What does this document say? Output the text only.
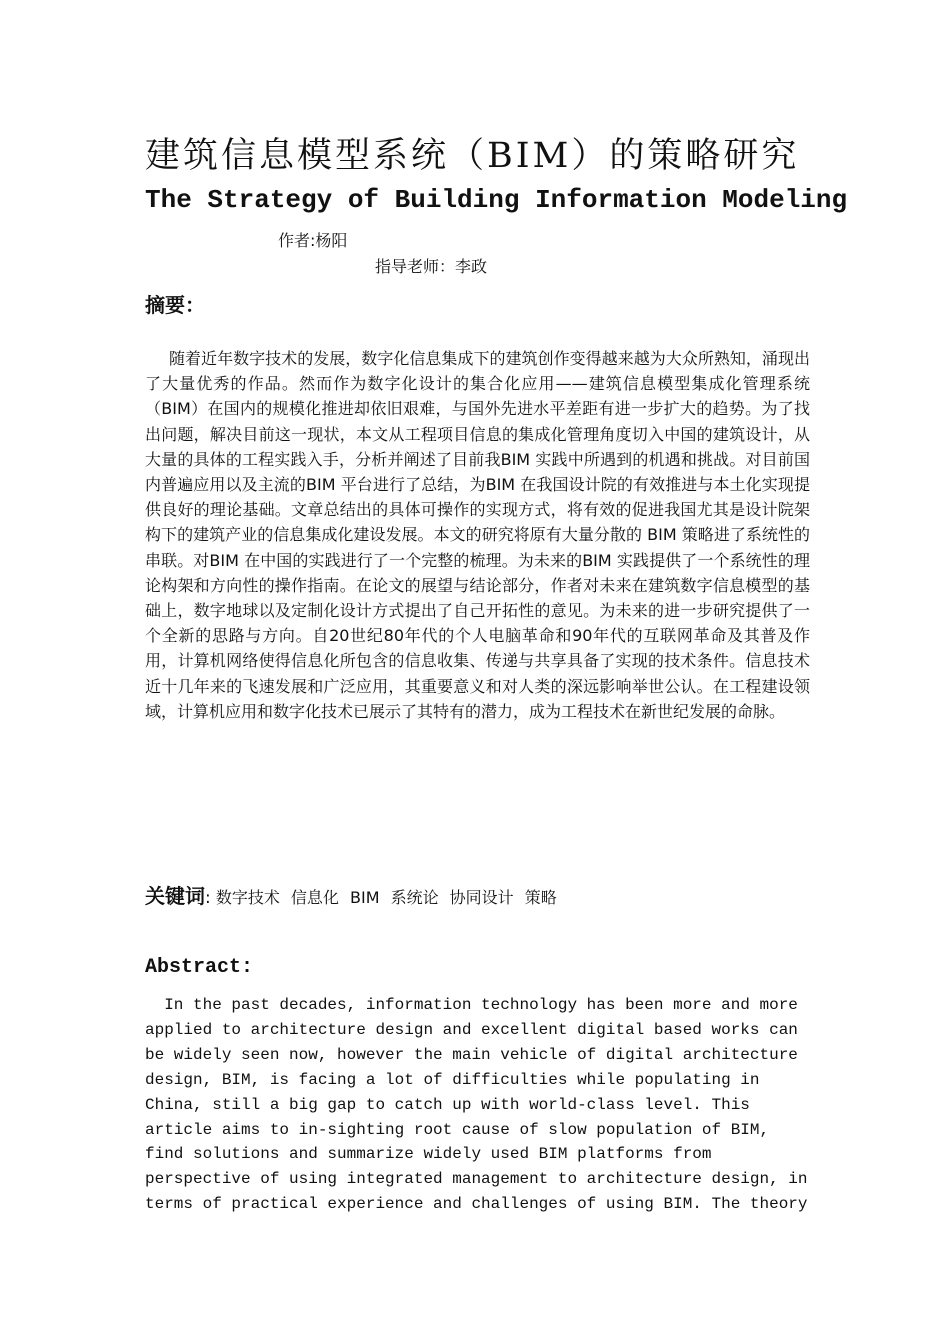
建筑信息模型系统（BIM）的策略研究
The Strategy of Building Information Modeling
作者:杨阳
指导老师：李政
摘要：

随着近年数字技术的发展，数字化信息集成下的建筑创作变得越来越为大众所熟知，涌现出了大量优秀的作品。然而作为数字化设计的集合化应用——建筑信息模型集成化管理系统（BIM）在国内的规模化推进却依旧艰难，与国外先进水平差距有进一步扩大的趋势。为了找出问题，解决目前这一现状，本文从工程项目信息的集成化管理角度切入中国的建筑设计，从大量的具体的工程实践入手，分析并阐述了目前我BIM 实践中所遇到的机遇和挑战。对目前国内普遍应用以及主流的BIM 平台进行了总结，为BIM 在我国设计院的有效推进与本土化实现提供良好的理论基础。文章总结出的具体可操作的实现方式，将有效的促进我国尤其是设计院架构下的建筑产业的信息集成化建设发展。本文的研究将原有大量分散的 BIM 策略进了系统性的串联。对BIM 在中国的实践进行了一个完整的梳理。为未来的BIM 实践提供了一个系统性的理论构架和方向性的操作指南。在论文的展望与结论部分，作者对未来在建筑数字信息模型的基础上，数字地球以及定制化设计方式提出了自己开拓性的意见。为未来的进一步研究提供了一个全新的思路与方向。自20世纪80年代的个人电脑革命和90年代的互联网革命及其普及作用，计算机网络使得信息化所包含的信息收集、传递与共享具备了实现的技术条件。信息技术近十几年来的飞速发展和广泛应用，其重要意义和对人类的深远影响举世公认。在工程建设领域，计算机应用和数字化技术已展示了其特有的潜力，成为工程技术在新世纪发展的命脉。

关键词: 数字技术 信息化 BIM 系统论 协同设计 策略
Abstract:

In the past decades, information technology has been more and more applied to architecture design and excellent digital based works can be widely seen now, however the main vehicle of digital architecture design, BIM, is facing a lot of difficulties while populating in China, still a big gap to catch up with world-class level. This article aims to in-sighting root cause of slow population of BIM, find solutions and summarize widely used BIM platforms from perspective of using integrated management to architecture design, in terms of practical experience and challenges of using BIM. The theory
